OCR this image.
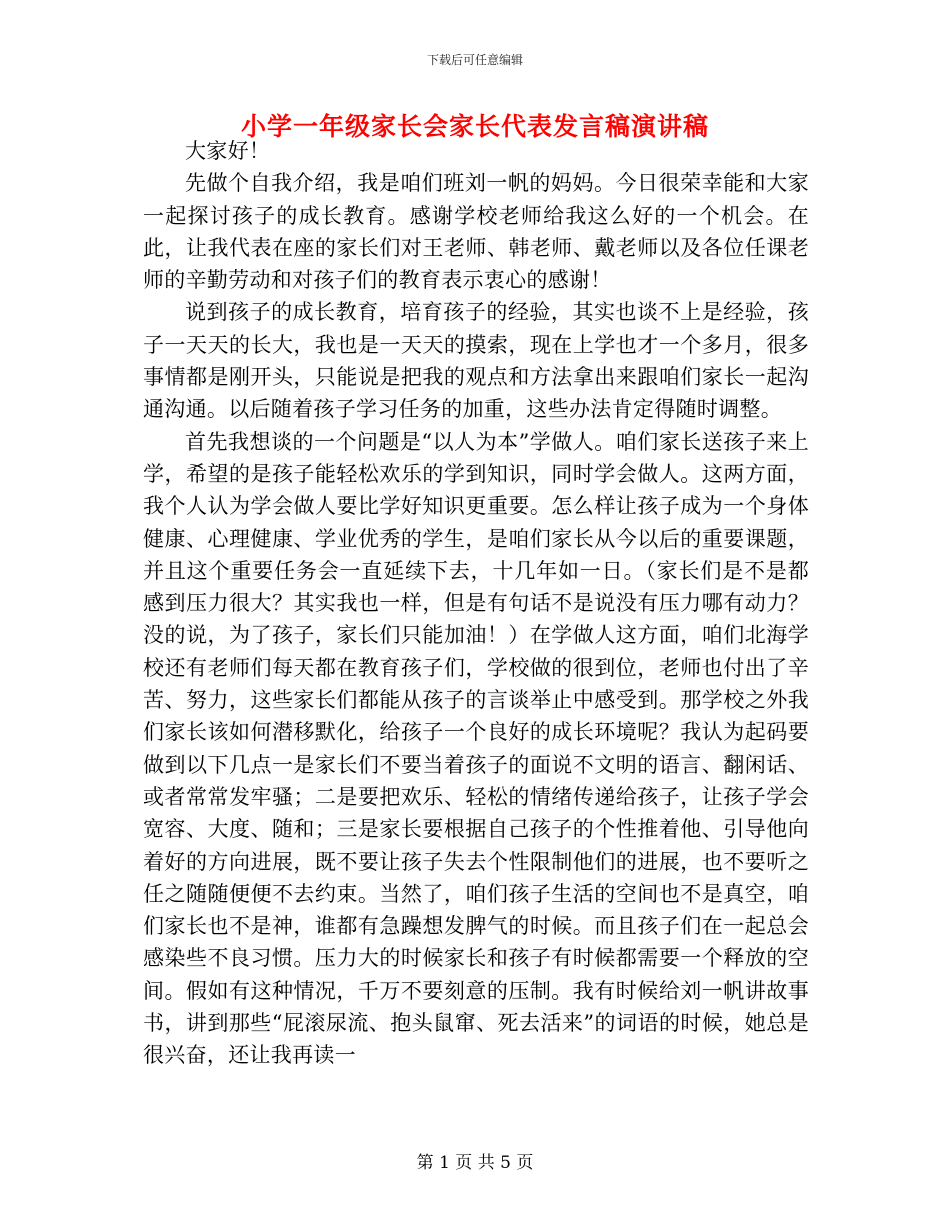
下载后可任意编辑
小学一年级家长会家长代表发言稿演讲稿

大家好！

先做个自我介绍，我是咱们班刘一帆的妈妈。今日很荣幸能和大家一起探讨孩子的成长教育。感谢学校老师给我这么好的一个机会。在此，让我代表在座的家长们对王老师、韩老师、戴老师以及各位任课老师的辛勤劳动和对孩子们的教育表示衷心的感谢！

说到孩子的成长教育，培育孩子的经验，其实也谈不上是经验，孩子一天天的长大，我也是一天天的摸索，现在上学也才一个多月，很多事情都是刚开头，只能说是把我的观点和方法拿出来跟咱们家长一起沟通沟通。以后随着孩子学习任务的加重，这些办法肯定得随时调整。

首先我想谈的一个问题是“以人为本”学做人。咱们家长送孩子来上学，希望的是孩子能轻松欢乐的学到知识，同时学会做人。这两方面，我个人认为学会做人要比学好知识更重要。怎么样让孩子成为一个身体健康、心理健康、学业优秀的学生，是咱们家长从今以后的重要课题，并且这个重要任务会一直延续下去，十几年如一日。（家长们是不是都感到压力很大？其实我也一样，但是有句话不是说没有压力哪有动力？没的说，为了孩子，家长们只能加油！）在学做人这方面，咱们北海学校还有老师们每天都在教育孩子们，学校做的很到位，老师也付出了辛苦、努力，这些家长们都能从孩子的言谈举止中感受到。那学校之外我们家长该如何潜移默化，给孩子一个良好的成长环境呢？我认为起码要做到以下几点一是家长们不要当着孩子的面说不文明的语言、翻闲话、或者常常发牢骚；二是要把欢乐、轻松的情绪传递给孩子，让孩子学会宽容、大度、随和；三是家长要根据自己孩子的个性推着他、引导他向着好的方向进展，既不要让孩子失去个性限制他们的进展，也不要听之任之随随便便不去约束。当然了，咱们孩子生活的空间也不是真空，咱们家长也不是神，谁都有急躁想发脾气的时候。而且孩子们在一起总会感染些不良习惯。压力大的时候家长和孩子有时候都需要一个释放的空间。假如有这种情况，千万不要刻意的压制。我有时候给刘一帆讲故事书，讲到那些“屁滚尿流、抱头鼠窜、死去活来”的词语的时候，她总是很兴奋，还让我再读一

第 1 页 共 5 页
